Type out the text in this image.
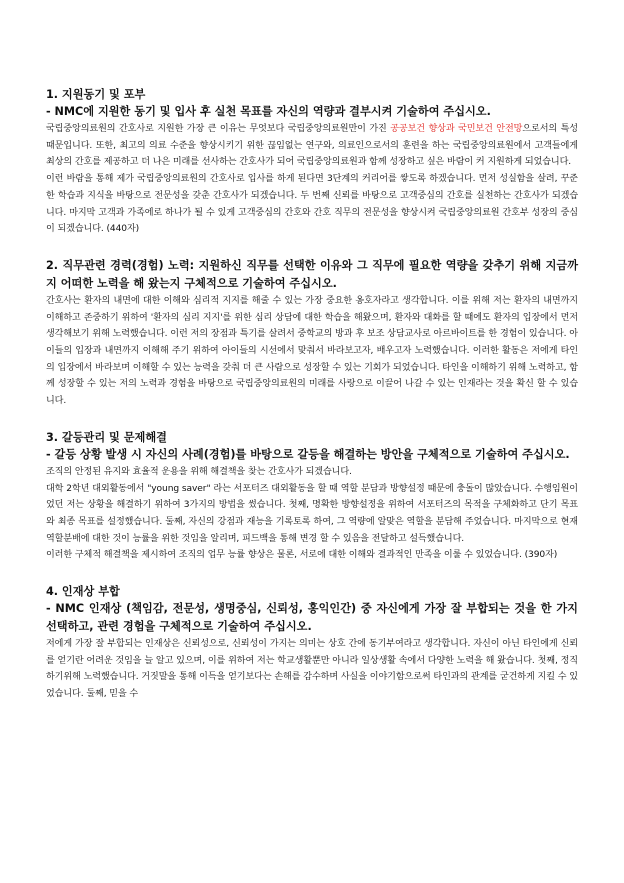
1. 지원동기 및 포부
- NMC에 지원한 동기 및 입사 후 실천 목표를 자신의 역량과 결부시켜 기술하여 주십시오.
국립중앙의료원의 간호사로 지원한 가장 큰 이유는 무엇보다 국립중앙의료원만이 가진 공공보건 향상과 국민보건 안전망으로서의 특성 때문입니다. 또한, 최고의 의료 수준을 향상시키기 위한 끊임없는 연구와, 의료인으로서의 훈련을 하는 국립중앙의료원에서 고객들에게 최상의 간호를 제공하고 더 나은 미래를 선사하는 간호사가 되어 국립중앙의료원과 함께 성장하고 싶은 바람이 커 지원하게 되었습니다.
이런 바람을 통해 제가 국립중앙의료원의 간호사로 입사를 하게 된다면 3단계의 커리어를 쌓도록 하겠습니다. 먼저 성실함을 살려, 꾸준한 학습과 지식을 바탕으로 전문성을 갖춘 간호사가 되겠습니다. 두 번째 신뢰를 바탕으로 고객중심의 간호를 실천하는 간호사가 되겠습니다. 마지막 고객과 가족에로 하나가 될 수 있게 고객중심의 간호와 간호 직무의 전문성을 향상시켜 국립중앙의료원 간호부 성장의 중심이 되겠습니다. (440자)
2. 직무관련 경력(경험) 노력: 지원하신 직무를 선택한 이유와 그 직무에 필요한 역량을 갖추기 위해 지금까지 어떠한 노력을 해 왔는지 구체적으로 기술하여 주십시오.
간호사는 환자의 내면에 대한 이해와 심리적 지지를 해줄 수 있는 가장 중요한 옹호자라고 생각합니다. 이를 위해 저는 환자의 내면까지 이해하고 존중하기 위하여 '환자의 심리 지지'를 위한 심리 상담에 대한 학습을 해왔으며, 환자와 대화를 할 때에도 환자의 입장에서 먼저 생각해보기 위해 노력했습니다. 이런 저의 장점과 특기를 살려서 중학교의 방과 후 보조 상담교사로 아르바이트를 한 경험이 있습니다. 아이들의 입장과 내면까지 이해해 주기 위하여 아이들의 시선에서 맞춰서 바라보고자, 배우고자 노력했습니다. 이러한 활동은 저에게 타인의 입장에서 바라보며 이해할 수 있는 능력을 갖춰 더 큰 사람으로 성장할 수 있는 기회가 되었습니다. 타인을 이해하기 위해 노력하고, 함께 성장할 수 있는 저의 노력과 경험을 바탕으로 국립중앙의료원의 미래를 사랑으로 이끌어 나갈 수 있는 인재라는 것을 확신 할 수 있습니다.
3. 갈등관리 및 문제해결
- 갈등 상황 발생 시 자신의 사례(경험)를 바탕으로 갈등을 해결하는 방안을 구체적으로 기술하여 주십시오.
조직의 안정된 유지와 효율적 운용을 위해 해결책을 찾는 간호사가 되겠습니다.
대학 2학년 대외활동에서 "young saver" 라는 서포터즈 대외활동을 할 때 역할 분담과 방향설정 때문에 충돌이 많았습니다. 수행임원이었던 저는 상황을 해결하기 위하여 3가지의 방법을 썼습니다. 첫째, 명확한 방향설정을 위하여 서포터즈의 목적을 구체화하고 단기 목표와 최종 목표를 설정했습니다. 둘째, 자신의 강점과 재능을 기록토록 하여, 그 역량에 알맞은 역할을 분담해 주었습니다. 마지막으로 현재 역할분배에 대한 것이 능률을 위한 것임을 알리며, 피드백을 통해 변경 할 수 있음을 전달하고 설득했습니다.
이러한 구체적 해결책을 제시하여 조직의 업무 능률 향상은 물론, 서로에 대한 이해와 결과적인 만족을 이룰 수 있었습니다. (390자)
4. 인재상 부합
- NMC 인재상 (책임감, 전문성, 생명중심, 신뢰성, 홍익인간) 중 자신에게 가장 잘 부합되는 것을 한 가지 선택하고, 관련 경험을 구체적으로 기술하여 주십시오.
저에게 가장 잘 부합되는 인재상은 신뢰성으로, 신뢰성이 가지는 의미는 상호 간에 동기부여라고 생각합니다. 자신이 아닌 타인에게 신뢰를 얻기란 어려운 것임을 늘 알고 있으며, 이를 위하여 저는 학교생활뿐만 아니라 일상생활 속에서 다양한 노력을 해 왔습니다. 첫째, 정직하기위해 노력했습니다. 거짓말을 통해 이득을 얻기보다는 손해를 감수하며 사실을 이야기함으로써 타인과의 관계를 굳건하게 지킬 수 있었습니다. 둘째, 믿을 수
